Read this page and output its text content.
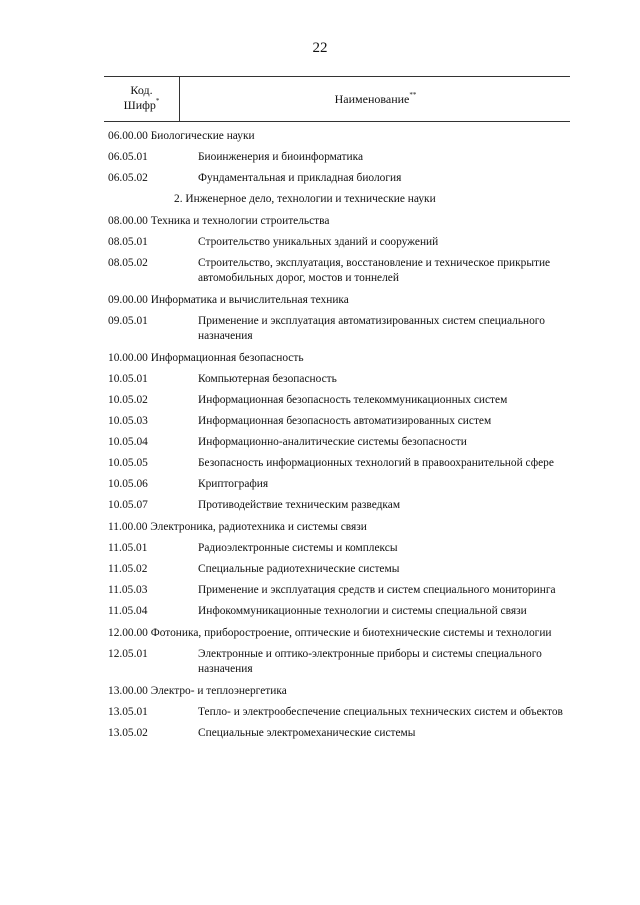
22
Код.
Шифр*	Наименование**
06.00.00 Биологические науки
06.05.01	Биоинженерия и биоинформатика
06.05.02	Фундаментальная и прикладная биология
2. Инженерное дело, технологии и технические науки
08.00.00 Техника и технологии строительства
08.05.01	Строительство уникальных зданий и сооружений
08.05.02	Строительство, эксплуатация, восстановление и техническое прикрытие автомобильных дорог, мостов и тоннелей
09.00.00 Информатика и вычислительная техника
09.05.01	Применение и эксплуатация автоматизированных систем специального назначения
10.00.00 Информационная безопасность
10.05.01	Компьютерная безопасность
10.05.02	Информационная безопасность телекоммуникационных систем
10.05.03	Информационная безопасность автоматизированных систем
10.05.04	Информационно-аналитические системы безопасности
10.05.05	Безопасность информационных технологий в правоохранительной сфере
10.05.06	Криптография
10.05.07	Противодействие техническим разведкам
11.00.00 Электроника, радиотехника и системы связи
11.05.01	Радиоэлектронные системы и комплексы
11.05.02	Специальные радиотехнические системы
11.05.03	Применение и эксплуатация средств и систем специального мониторинга
11.05.04	Инфокоммуникационные технологии и системы специальной связи
12.00.00 Фотоника, приборостроение, оптические и биотехнические системы и технологии
12.05.01	Электронные и оптико-электронные приборы и системы специального назначения
13.00.00 Электро- и теплоэнергетика
13.05.01	Тепло- и электрообеспечение специальных технических систем и объектов
13.05.02	Специальные электромеханические системы
